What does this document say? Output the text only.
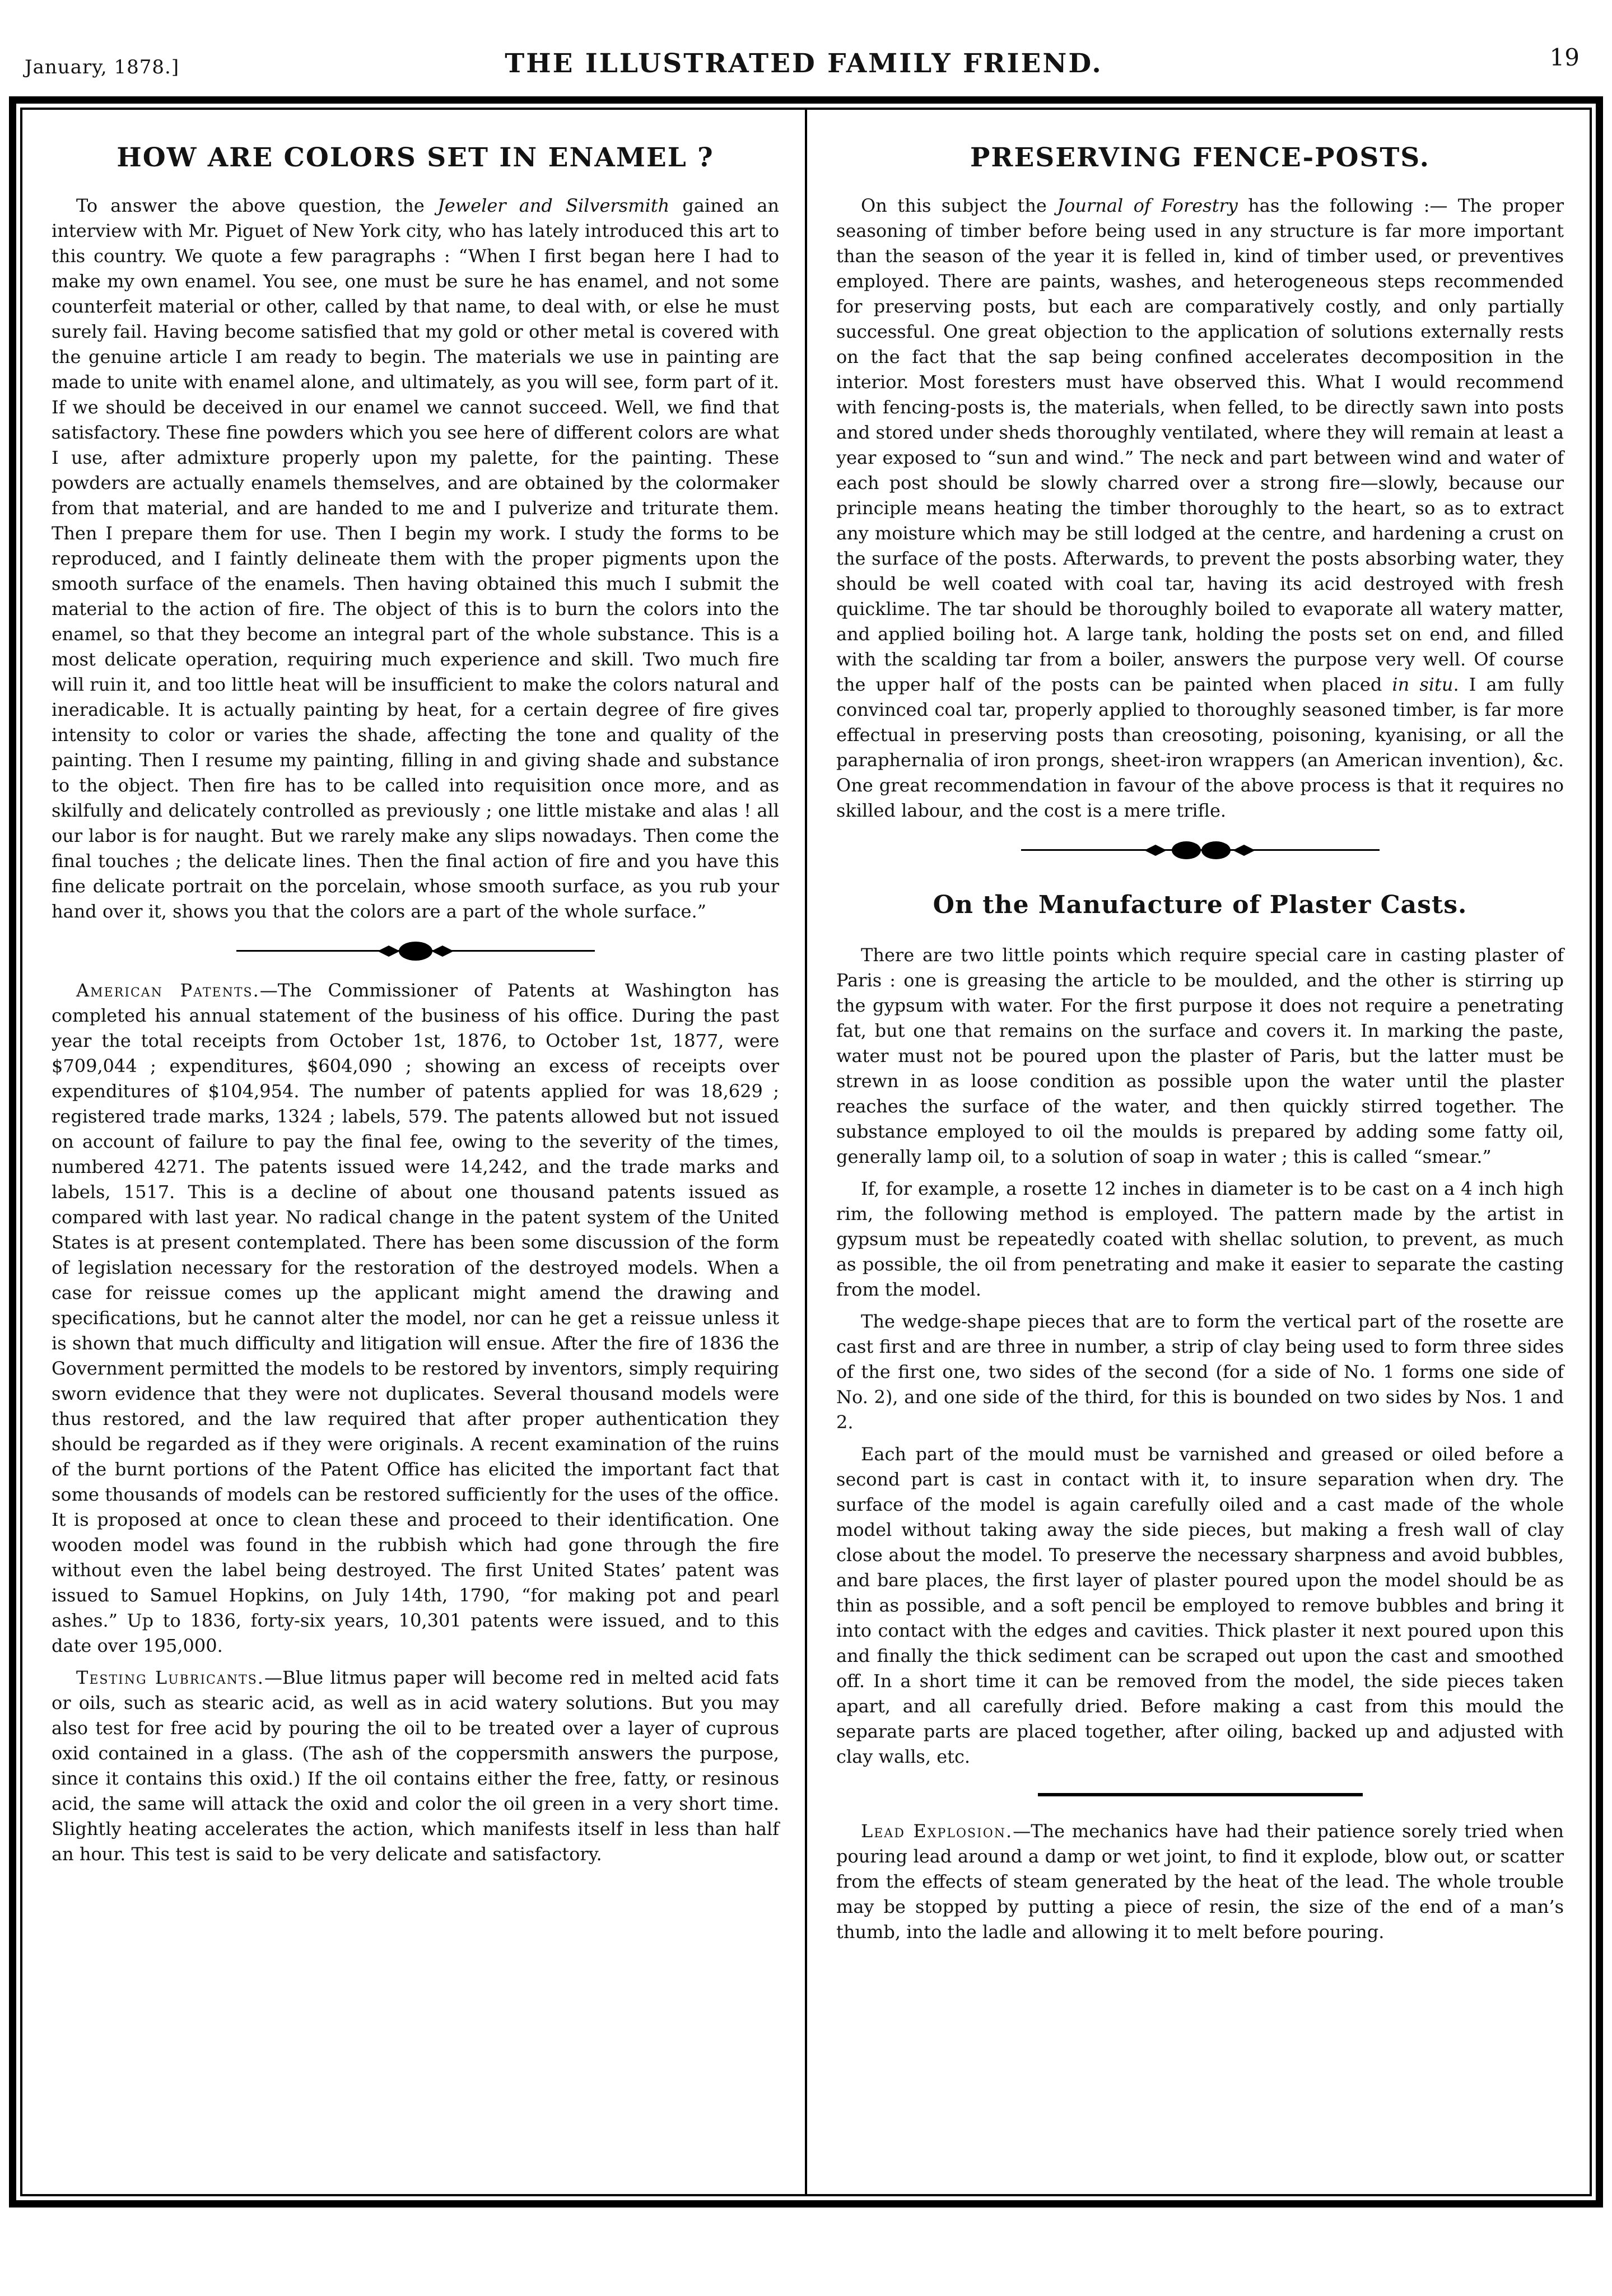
January, 1878.]	THE ILLUSTRATED FAMILY FRIEND.	19
HOW ARE COLORS SET IN ENAMEL ?

To answer the above question, the Jeweler and Silversmith gained an interview with Mr. Piguet of New York city, who has lately introduced this art to this country. We quote a few paragraphs : “When I first began here I had to make my own enamel. You see, one must be sure he has enamel, and not some counterfeit material or other, called by that name, to deal with, or else he must surely fail. Having become satisfied that my gold or other metal is covered with the genuine article I am ready to begin. The materials we use in painting are made to unite with enamel alone, and ultimately, as you will see, form part of it. If we should be deceived in our enamel we cannot succeed. Well, we find that satisfactory. These fine powders which you see here of different colors are what I use, after admixture properly upon my palette, for the painting. These powders are actually enamels themselves, and are obtained by the colormaker from that material, and are handed to me and I pulverize and triturate them. Then I prepare them for use. Then I begin my work. I study the forms to be reproduced, and I faintly delineate them with the proper pigments upon the smooth surface of the enamels. Then having obtained this much I submit the material to the action of fire. The object of this is to burn the colors into the enamel, so that they become an integral part of the whole substance. This is a most delicate operation, requiring much experience and skill. Two much fire will ruin it, and too little heat will be insufficient to make the colors natural and ineradicable. It is actually painting by heat, for a certain degree of fire gives intensity to color or varies the shade, affecting the tone and quality of the painting. Then I resume my painting, filling in and giving shade and substance to the object. Then fire has to be called into requisition once more, and as skilfully and delicately controlled as previously ; one little mistake and alas ! all our labor is for naught. But we rarely make any slips nowadays. Then come the final touches ; the delicate lines. Then the final action of fire and you have this fine delicate portrait on the porcelain, whose smooth surface, as you rub your hand over it, shows you that the colors are a part of the whole surface.”

American Patents.—The Commissioner of Patents at Washington has completed his annual statement of the business of his office. During the past year the total receipts from October 1st, 1876, to October 1st, 1877, were $709,044 ; expenditures, $604,090 ; showing an excess of receipts over expenditures of $104,954. The number of patents applied for was 18,629 ; registered trade marks, 1324 ; labels, 579. The patents allowed but not issued on account of failure to pay the final fee, owing to the severity of the times, numbered 4271. The patents issued were 14,242, and the trade marks and labels, 1517. This is a decline of about one thousand patents issued as compared with last year. No radical change in the patent system of the United States is at present contemplated. There has been some discussion of the form of legislation necessary for the restoration of the destroyed models. When a case for reissue comes up the applicant might amend the drawing and specifications, but he cannot alter the model, nor can he get a reissue unless it is shown that much difficulty and litigation will ensue. After the fire of 1836 the Government permitted the models to be restored by inventors, simply requiring sworn evidence that they were not duplicates. Several thousand models were thus restored, and the law required that after proper authentication they should be regarded as if they were originals. A recent examination of the ruins of the burnt portions of the Patent Office has elicited the important fact that some thousands of models can be restored sufficiently for the uses of the office. It is proposed at once to clean these and proceed to their identification. One wooden model was found in the rubbish which had gone through the fire without even the label being destroyed. The first United States’ patent was issued to Samuel Hopkins, on July 14th, 1790, “for making pot and pearl ashes.” Up to 1836, forty-six years, 10,301 patents were issued, and to this date over 195,000.

Testing Lubricants.—Blue litmus paper will become red in melted acid fats or oils, such as stearic acid, as well as in acid watery solutions. But you may also test for free acid by pouring the oil to be treated over a layer of cuprous oxid contained in a glass. (The ash of the coppersmith answers the purpose, since it contains this oxid.) If the oil contains either the free, fatty, or resinous acid, the same will attack the oxid and color the oil green in a very short time. Slightly heating accelerates the action, which manifests itself in less than half an hour. This test is said to be very delicate and satisfactory.

PRESERVING FENCE-POSTS.

On this subject the Journal of Forestry has the following :— The proper seasoning of timber before being used in any structure is far more important than the season of the year it is felled in, kind of timber used, or preventives employed. There are paints, washes, and heterogeneous steps recommended for preserving posts, but each are comparatively costly, and only partially successful. One great objection to the application of solutions externally rests on the fact that the sap being confined accelerates decomposition in the interior. Most foresters must have observed this. What I would recommend with fencing-posts is, the materials, when felled, to be directly sawn into posts and stored under sheds thoroughly ventilated, where they will remain at least a year exposed to “sun and wind.” The neck and part between wind and water of each post should be slowly charred over a strong fire—slowly, because our principle means heating the timber thoroughly to the heart, so as to extract any moisture which may be still lodged at the centre, and hardening a crust on the surface of the posts. Afterwards, to prevent the posts absorbing water, they should be well coated with coal tar, having its acid destroyed with fresh quicklime. The tar should be thoroughly boiled to evaporate all watery matter, and applied boiling hot. A large tank, holding the posts set on end, and filled with the scalding tar from a boiler, answers the purpose very well. Of course the upper half of the posts can be painted when placed in situ. I am fully convinced coal tar, properly applied to thoroughly seasoned timber, is far more effectual in preserving posts than creosoting, poisoning, kyanising, or all the paraphernalia of iron prongs, sheet-iron wrappers (an American invention), &c. One great recommendation in favour of the above process is that it requires no skilled labour, and the cost is a mere trifle.

On the Manufacture of Plaster Casts.

There are two little points which require special care in casting plaster of Paris : one is greasing the article to be moulded, and the other is stirring up the gypsum with water. For the first purpose it does not require a penetrating fat, but one that remains on the surface and covers it. In marking the paste, water must not be poured upon the plaster of Paris, but the latter must be strewn in as loose condition as possible upon the water until the plaster reaches the surface of the water, and then quickly stirred together. The substance employed to oil the moulds is prepared by adding some fatty oil, generally lamp oil, to a solution of soap in water ; this is called “smear.”

If, for example, a rosette 12 inches in diameter is to be cast on a 4 inch high rim, the following method is employed. The pattern made by the artist in gypsum must be repeatedly coated with shellac solution, to prevent, as much as possible, the oil from penetrating and make it easier to separate the casting from the model.

The wedge-shape pieces that are to form the vertical part of the rosette are cast first and are three in number, a strip of clay being used to form three sides of the first one, two sides of the second (for a side of No. 1 forms one side of No. 2), and one side of the third, for this is bounded on two sides by Nos. 1 and 2.

Each part of the mould must be varnished and greased or oiled before a second part is cast in contact with it, to insure separation when dry. The surface of the model is again carefully oiled and a cast made of the whole model without taking away the side pieces, but making a fresh wall of clay close about the model. To preserve the necessary sharpness and avoid bubbles, and bare places, the first layer of plaster poured upon the model should be as thin as possible, and a soft pencil be employed to remove bubbles and bring it into contact with the edges and cavities. Thick plaster it next poured upon this and finally the thick sediment can be scraped out upon the cast and smoothed off. In a short time it can be removed from the model, the side pieces taken apart, and all carefully dried. Before making a cast from this mould the separate parts are placed together, after oiling, backed up and adjusted with clay walls, etc.

Lead Explosion.—The mechanics have had their patience sorely tried when pouring lead around a damp or wet joint, to find it explode, blow out, or scatter from the effects of steam generated by the heat of the lead. The whole trouble may be stopped by putting a piece of resin, the size of the end of a man’s thumb, into the ladle and allowing it to melt before pouring.
